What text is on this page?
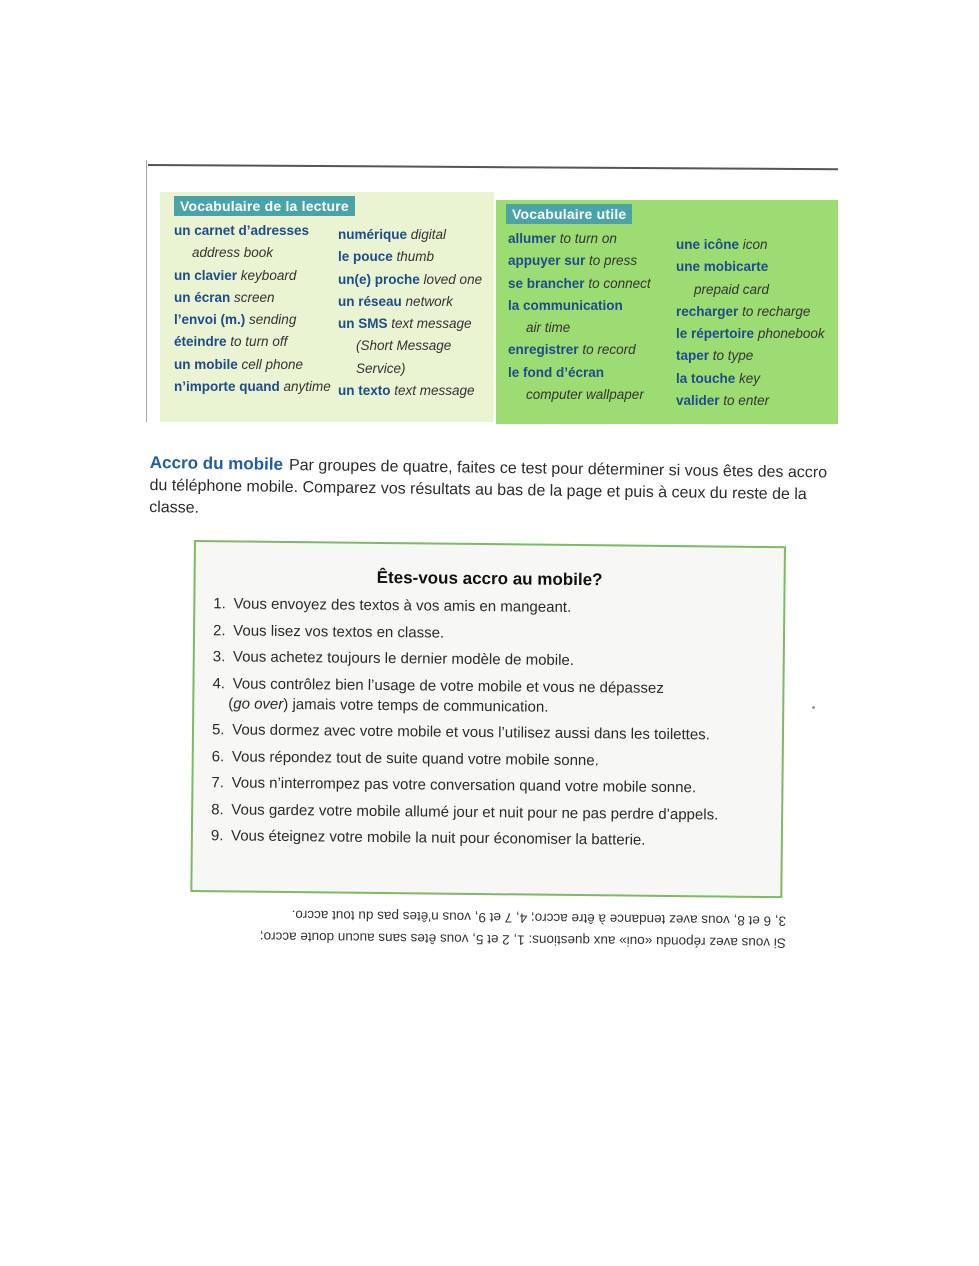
Vocabulaire de la lecture
un carnet d’adresses
address book
un clavier keyboard
un écran screen
l’envoi (m.) sending
éteindre to turn off
un mobile cell phone
n’importe quand anytime
numérique digital
le pouce thumb
un(e) proche loved one
un réseau network
un SMS text message
(Short Message
Service)
un texto text message
Vocabulaire utile
allumer to turn on
appuyer sur to press
se brancher to connect
la communication
air time
enregistrer to record
le fond d’écran
computer wallpaper
une icône icon
une mobicarte
prepaid card
recharger to recharge
le répertoire phonebook
taper to type
la touche key
valider to enter
Accro du mobile Par groupes de quatre, faites ce test pour déterminer si vous êtes des accro du téléphone mobile. Comparez vos résultats au bas de la page et puis à ceux du reste de la classe.
Êtes-vous accro au mobile?
1. Vous envoyez des textos à vos amis en mangeant.
2. Vous lisez vos textos en classe.
3. Vous achetez toujours le dernier modèle de mobile.
4. Vous contrôlez bien l’usage de votre mobile et vous ne dépassez
(go over) jamais votre temps de communication.
5. Vous dormez avec votre mobile et vous l’utilisez aussi dans les toilettes.
6. Vous répondez tout de suite quand votre mobile sonne.
7. Vous n’interrompez pas votre conversation quand votre mobile sonne.
8. Vous gardez votre mobile allumé jour et nuit pour ne pas perdre d’appels.
9. Vous éteignez votre mobile la nuit pour économiser la batterie.
Si vous avez répondu «oui» aux questions: 1, 2 et 5, vous êtes sans aucun doute accro;
3, 6 et 8, vous avez tendance à être accro; 4, 7 et 9, vous n’êtes pas du tout accro.
